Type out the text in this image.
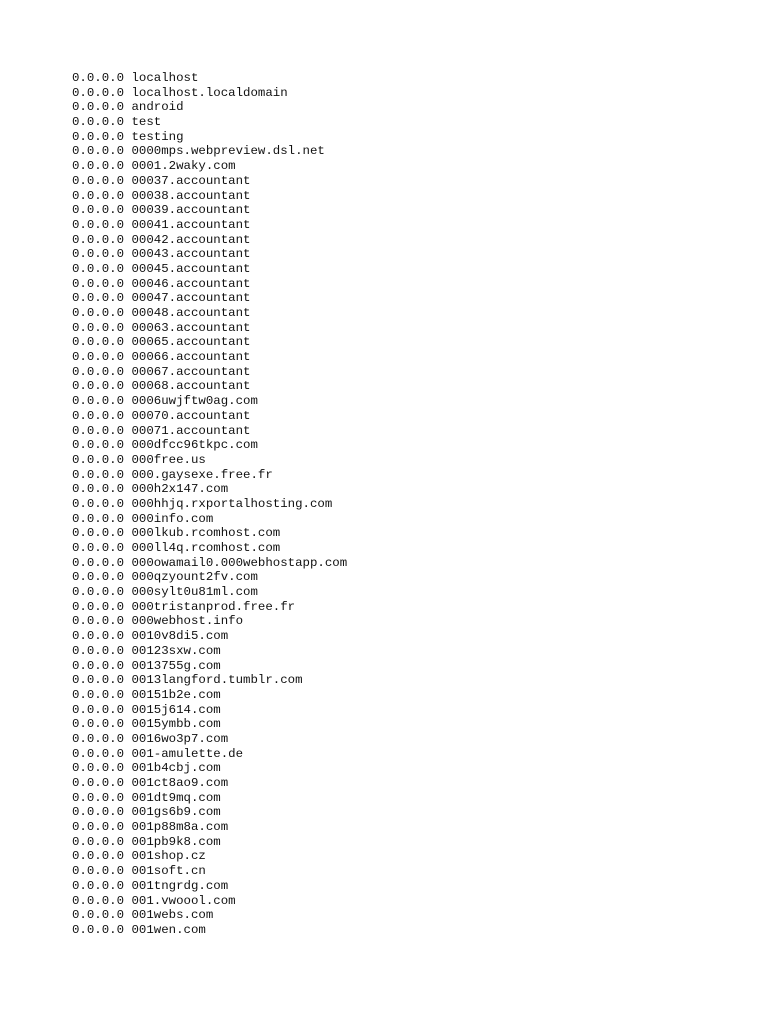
0.0.0.0 localhost
0.0.0.0 localhost.localdomain
0.0.0.0 android
0.0.0.0 test
0.0.0.0 testing
0.0.0.0 0000mps.webpreview.dsl.net
0.0.0.0 0001.2waky.com
0.0.0.0 00037.accountant
0.0.0.0 00038.accountant
0.0.0.0 00039.accountant
0.0.0.0 00041.accountant
0.0.0.0 00042.accountant
0.0.0.0 00043.accountant
0.0.0.0 00045.accountant
0.0.0.0 00046.accountant
0.0.0.0 00047.accountant
0.0.0.0 00048.accountant
0.0.0.0 00063.accountant
0.0.0.0 00065.accountant
0.0.0.0 00066.accountant
0.0.0.0 00067.accountant
0.0.0.0 00068.accountant
0.0.0.0 0006uwjftw0ag.com
0.0.0.0 00070.accountant
0.0.0.0 00071.accountant
0.0.0.0 000dfcc96tkpc.com
0.0.0.0 000free.us
0.0.0.0 000.gaysexe.free.fr
0.0.0.0 000h2x147.com
0.0.0.0 000hhjq.rxportalhosting.com
0.0.0.0 000info.com
0.0.0.0 000lkub.rcomhost.com
0.0.0.0 000ll4q.rcomhost.com
0.0.0.0 000owamail0.000webhostapp.com
0.0.0.0 000qzyount2fv.com
0.0.0.0 000sylt0u81ml.com
0.0.0.0 000tristanprod.free.fr
0.0.0.0 000webhost.info
0.0.0.0 0010v8di5.com
0.0.0.0 00123sxw.com
0.0.0.0 0013755g.com
0.0.0.0 0013langford.tumblr.com
0.0.0.0 00151b2e.com
0.0.0.0 0015j614.com
0.0.0.0 0015ymbb.com
0.0.0.0 0016wo3p7.com
0.0.0.0 001-amulette.de
0.0.0.0 001b4cbj.com
0.0.0.0 001ct8ao9.com
0.0.0.0 001dt9mq.com
0.0.0.0 001gs6b9.com
0.0.0.0 001p88m8a.com
0.0.0.0 001pb9k8.com
0.0.0.0 001shop.cz
0.0.0.0 001soft.cn
0.0.0.0 001tngrdg.com
0.0.0.0 001.vwoool.com
0.0.0.0 001webs.com
0.0.0.0 001wen.com
